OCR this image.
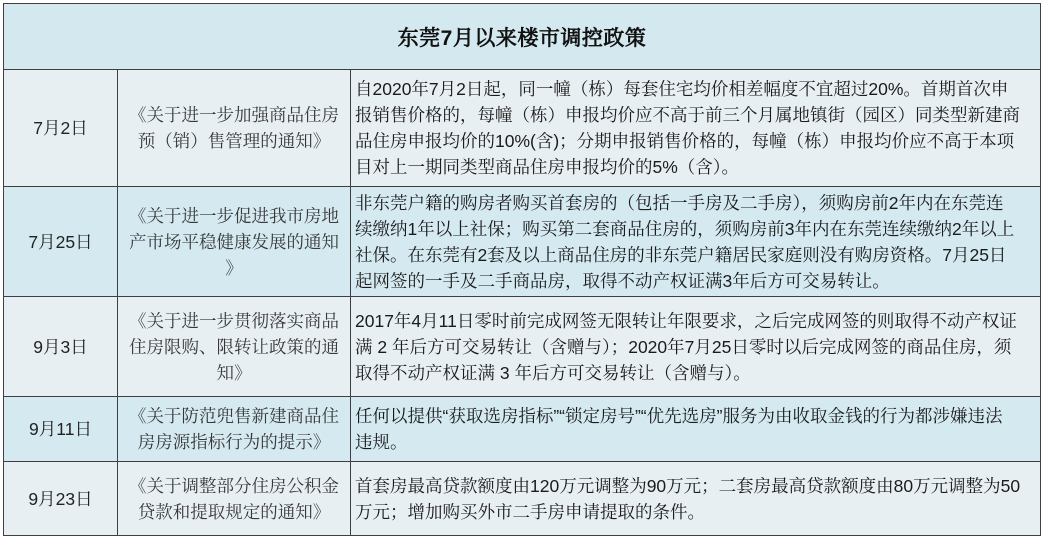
东莞7月以来楼市调控政策
7月2日
《关于进一步加强商品住房
预（销）售管理的通知》
自2020年7月2日起，同一幢（栋）每套住宅均价相差幅度不宜超过20%。首期首次申
报销售价格的，每幢（栋）申报均价应不高于前三个月属地镇街（园区）同类型新建商
品住房申报均价的10%(含)；分期申报销售价格的，每幢（栋）申报均价应不高于本项
目对上一期同类型商品住房申报均价的5%（含）。
7月25日
《关于进一步促进我市房地
产市场平稳健康发展的通知
》
非东莞户籍的购房者购买首套房的（包括一手房及二手房），须购房前2年内在东莞连
续缴纳1年以上社保；购买第二套商品住房的，须购房前3年内在东莞连续缴纳2年以上
社保。在东莞有2套及以上商品住房的非东莞户籍居民家庭则没有购房资格。7月25日
起网签的一手及二手商品房，取得不动产权证满3年后方可交易转让。
9月3日
《关于进一步贯彻落实商品
住房限购、限转让政策的通
知》
2017年4月11日零时前完成网签无限转让年限要求，之后完成网签的则取得不动产权证
满 2 年后方可交易转让（含赠与）；2020年7月25日零时以后完成网签的商品住房，须
取得不动产权证满 3 年后方可交易转让（含赠与）。
9月11日
《关于防范兜售新建商品住
房房源指标行为的提示》
任何以提供“获取选房指标”“锁定房号”“优先选房”服务为由收取金钱的行为都涉嫌违法
违规。
9月23日
《关于调整部分住房公积金
贷款和提取规定的通知》
首套房最高贷款额度由120万元调整为90万元；二套房最高贷款额度由80万元调整为50
万元；增加购买外市二手房申请提取的条件。
